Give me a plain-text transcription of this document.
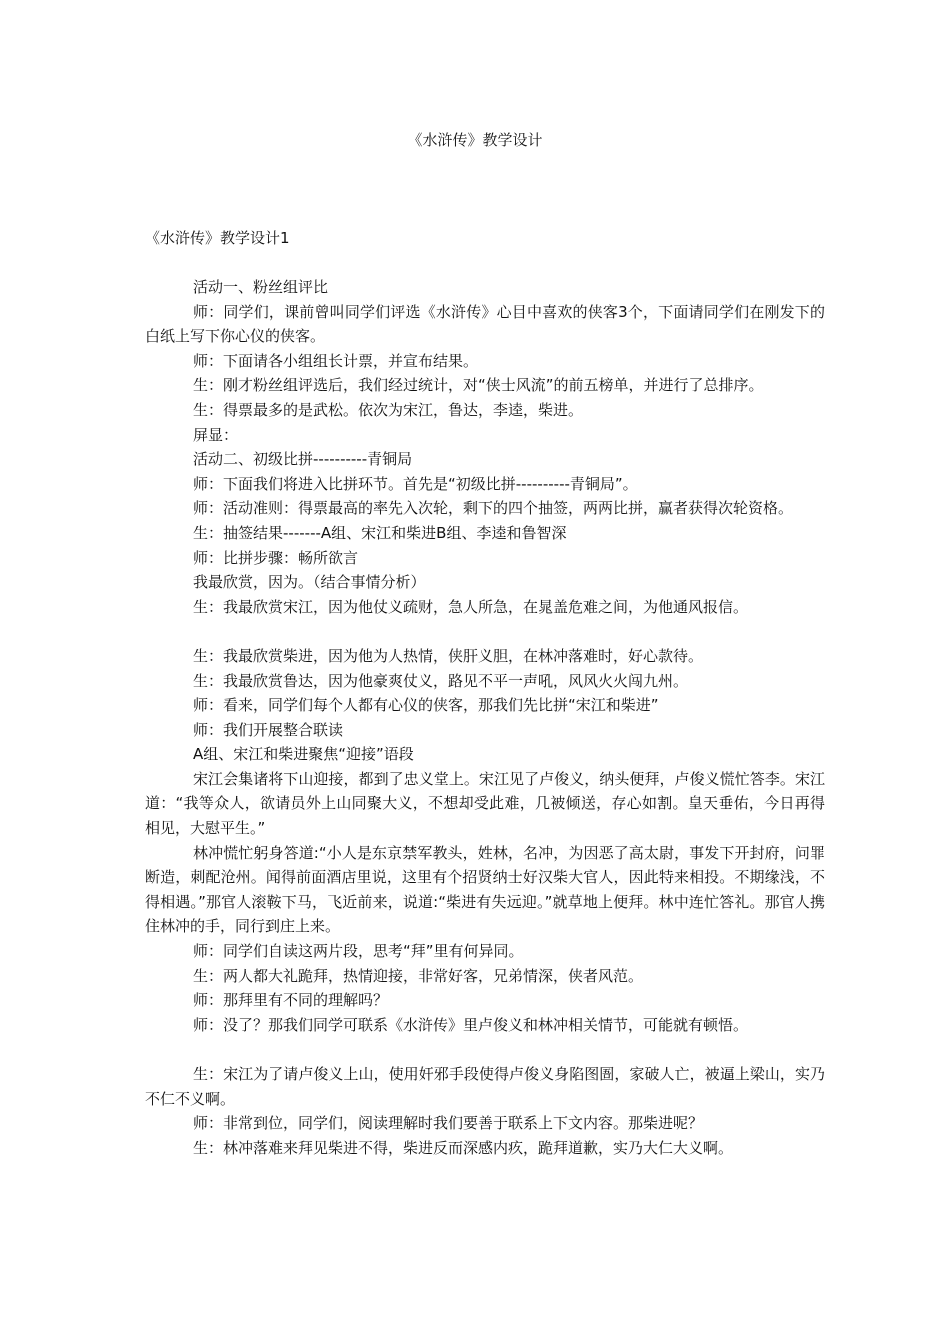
《水浒传》教学设计
《水浒传》教学设计1

活动一、粉丝组评比

师：同学们，课前曾叫同学们评选《水浒传》心目中喜欢的侠客3个，下面请同学们在刚发下的白纸上写下你心仪的侠客。

师：下面请各小组组长计票，并宣布结果。

生：刚才粉丝组评选后，我们经过统计，对“侠士风流”的前五榜单，并进行了总排序。

生：得票最多的是武松。依次为宋江，鲁达，李逵，柴进。

屏显：

活动二、初级比拼----------青铜局

师：下面我们将进入比拼环节。首先是“初级比拼----------青铜局”。

师：活动准则：得票最高的率先入次轮，剩下的四个抽签，两两比拼，赢者获得次轮资格。

生：抽签结果-------A组、宋江和柴进B组、李逵和鲁智深

师：比拼步骤：畅所欲言

我最欣赏，因为。（结合事情分析）

生：我最欣赏宋江，因为他仗义疏财，急人所急，在晁盖危难之间，为他通风报信。

生：我最欣赏柴进，因为他为人热情，侠肝义胆，在林冲落难时，好心款待。

生：我最欣赏鲁达，因为他豪爽仗义，路见不平一声吼，风风火火闯九州。

师：看来，同学们每个人都有心仪的侠客，那我们先比拼“宋江和柴进”

师：我们开展整合联读

A组、宋江和柴进聚焦“迎接”语段

宋江会集诸将下山迎接，都到了忠义堂上。宋江见了卢俊义，纳头便拜，卢俊义慌忙答李。宋江道：“我等众人，欲请员外上山同聚大义，不想却受此难，几被倾送，存心如割。皇天垂佑，今日再得相见，大慰平生。”

林冲慌忙躬身答道:“小人是东京禁军教头，姓林，名冲，为因恶了高太尉，事发下开封府，问罪断造，刺配沧州。闻得前面酒店里说，这里有个招贤纳士好汉柴大官人，因此特来相投。不期缘浅，不得相遇。”那官人滚鞍下马，飞近前来，说道:“柴进有失远迎。”就草地上便拜。林中连忙答礼。那官人携住林冲的手，同行到庄上来。

师：同学们自读这两片段，思考“拜”里有何异同。

生：两人都大礼跪拜，热情迎接，非常好客，兄弟情深，侠者风范。

师：那拜里有不同的理解吗？

师：没了？那我们同学可联系《水浒传》里卢俊义和林冲相关情节，可能就有顿悟。

生：宋江为了请卢俊义上山，使用奸邪手段使得卢俊义身陷图圄，家破人亡，被逼上梁山，实乃不仁不义啊。

师：非常到位，同学们，阅读理解时我们要善于联系上下文内容。那柴进呢？

生：林冲落难来拜见柴进不得，柴进反而深感内疚，跪拜道歉，实乃大仁大义啊。
